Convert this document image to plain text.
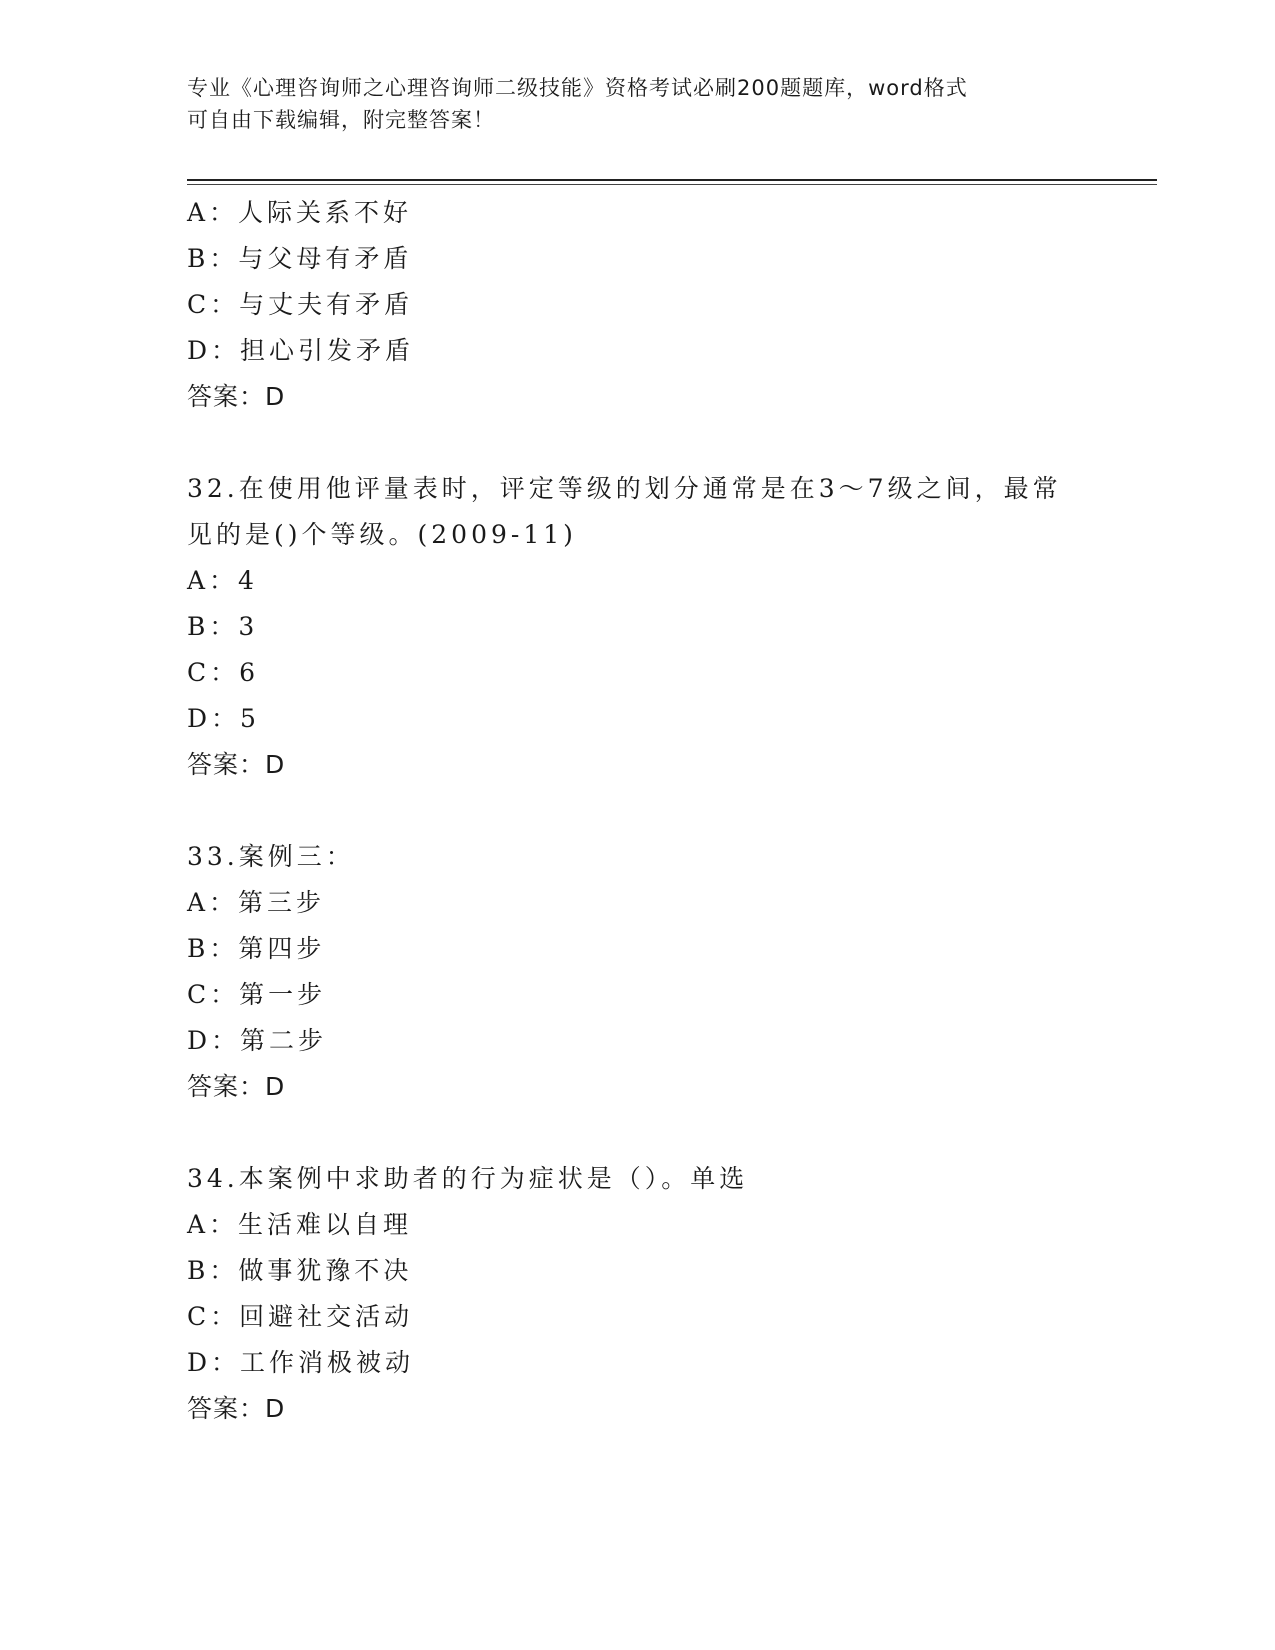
专业《心理咨询师之心理咨询师二级技能》资格考试必刷200题题库，word格式
可自由下载编辑，附完整答案！
A：人际关系不好
B：与父母有矛盾
C：与丈夫有矛盾
D：担心引发矛盾
答案：D
32.在使用他评量表时，评定等级的划分通常是在3～7级之间，最常
见的是()个等级。(2009-11)
A：4
B：3
C：6
D：5
答案：D
33.案例三：
A：第三步
B：第四步
C：第一步
D：第二步
答案：D
34.本案例中求助者的行为症状是（）。单选
A：生活难以自理
B：做事犹豫不决
C：回避社交活动
D：工作消极被动
答案：D
